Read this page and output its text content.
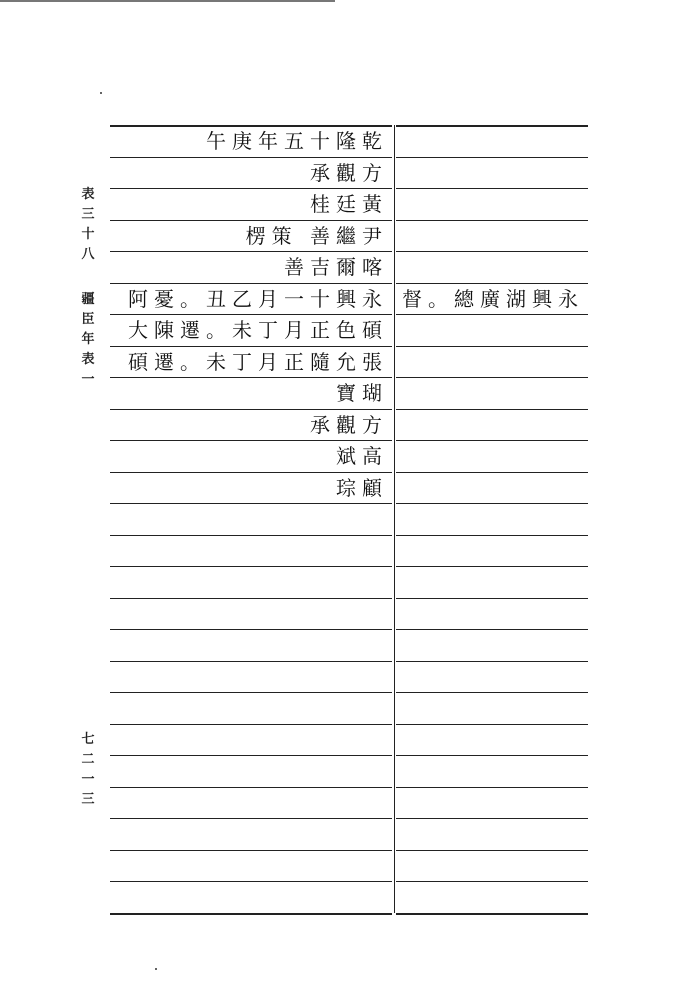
表三十八
疆臣年表一
七二一三
午庚年五十隆乾
承觀方
桂廷黃
楞策 善繼尹
善吉爾喀
阿憂。丑乙月一十興永
大陳遷。未丁月正色碩
碩遷。未丁月正隨允張
寶瑚
承觀方
斌高
琮顧
督。總廣湖興永
